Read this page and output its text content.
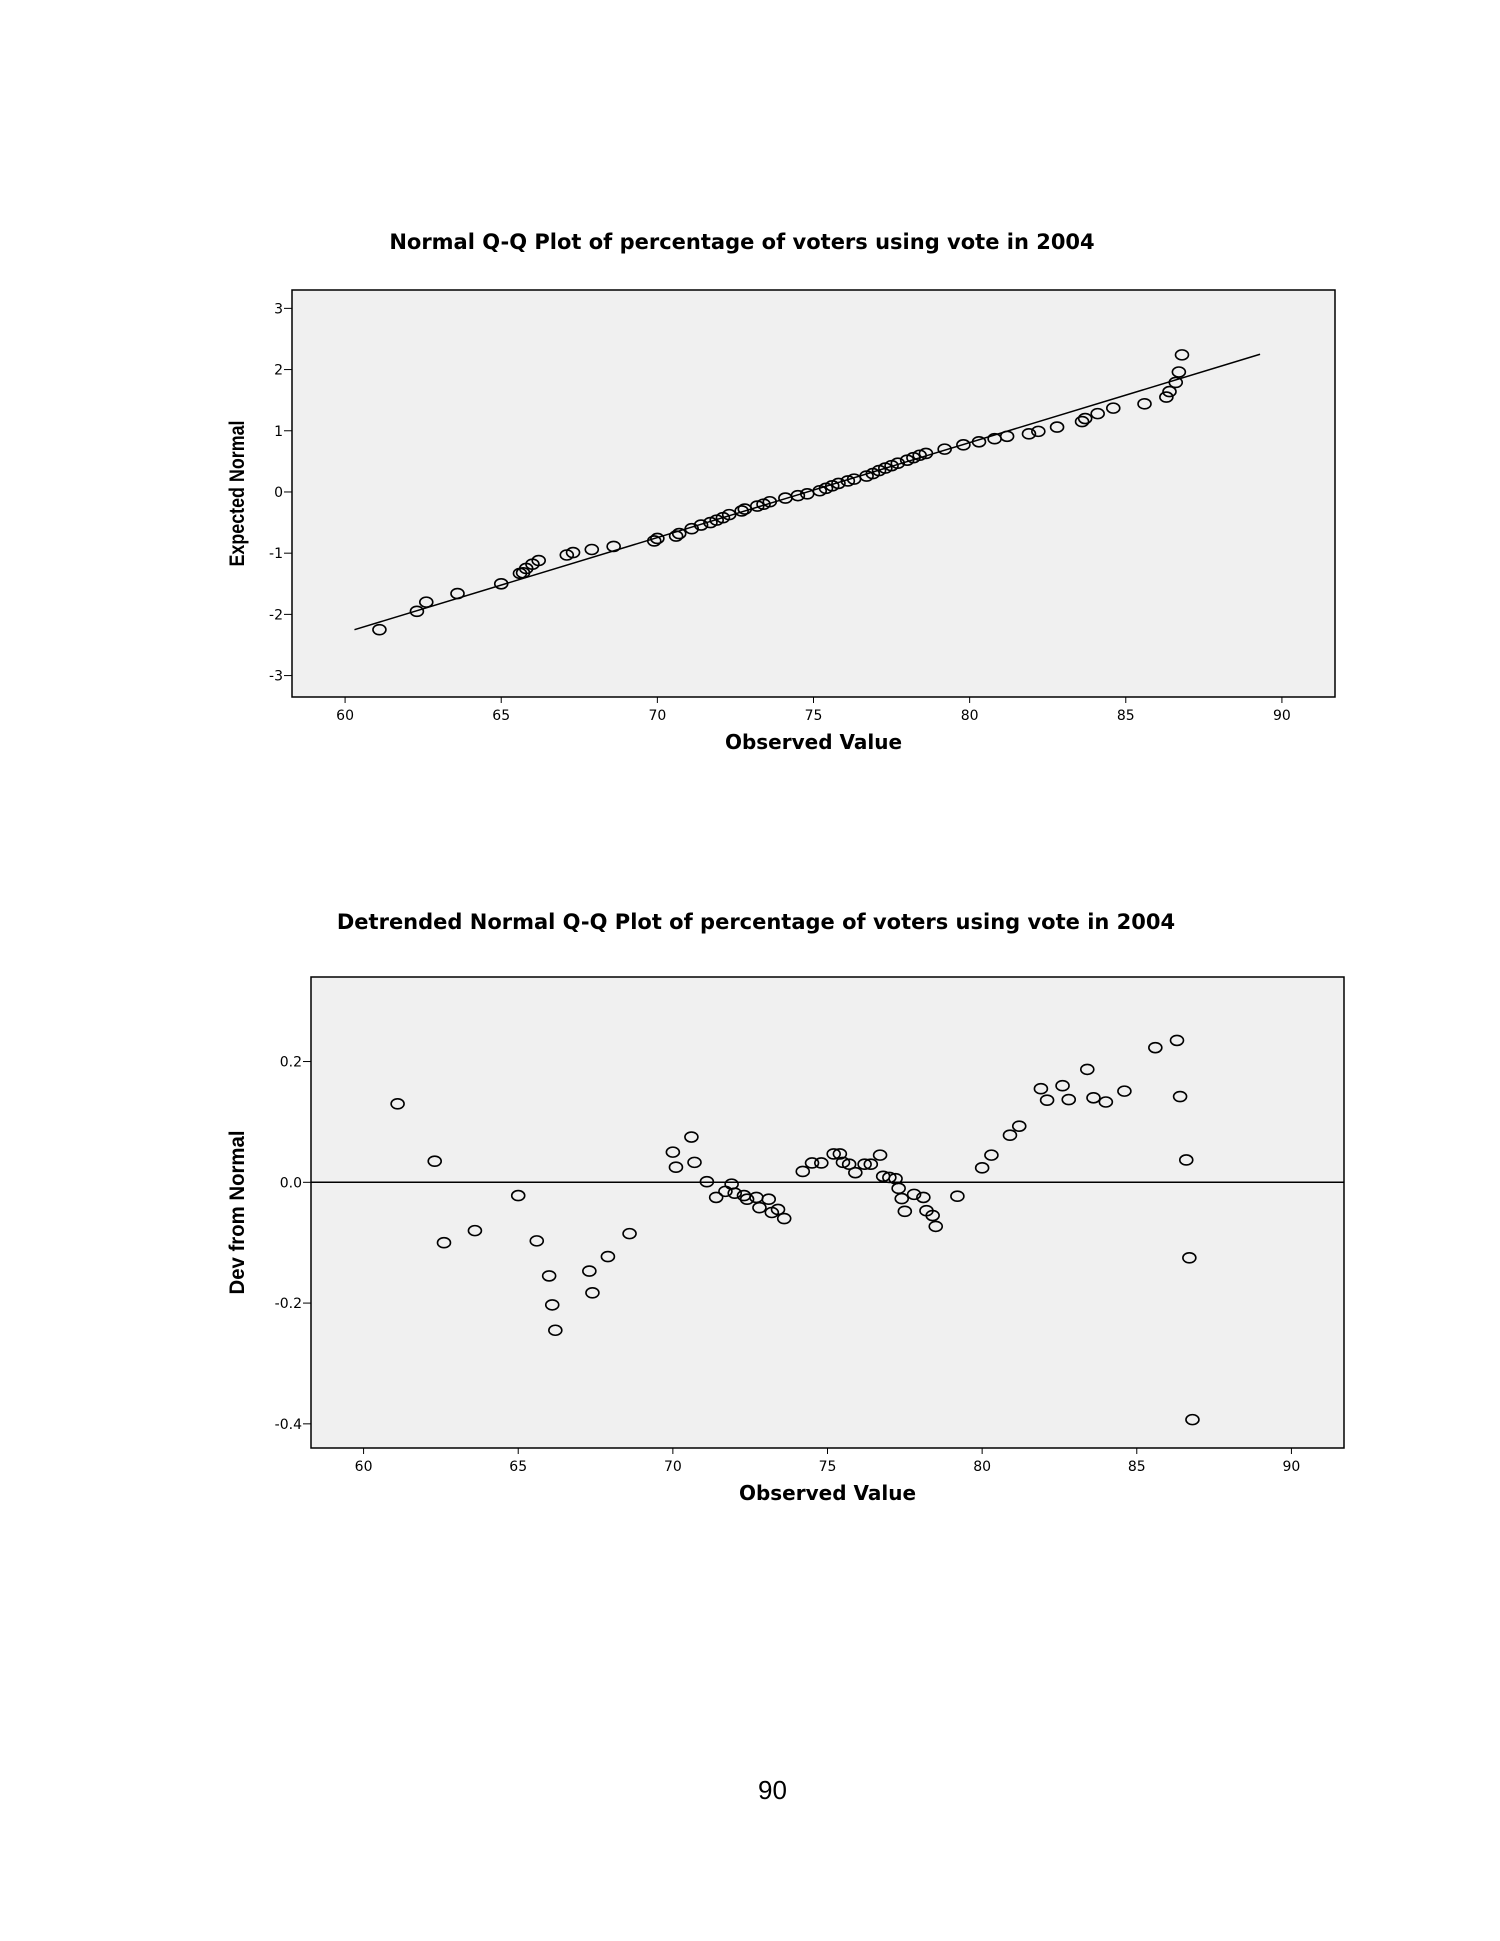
Normal Q-Q Plot of percentage of voters using vote in 2004
60	65	70	75	80	85	90
3
2
1
0
-1
-2
-3
Observed Value
Expected Normal
Detrended Normal Q-Q Plot of percentage of voters using vote in 2004
60	65	70	75	80	85	90
0.2
0.0
-0.2
-0.4
Observed Value
Dev from Normal
90
